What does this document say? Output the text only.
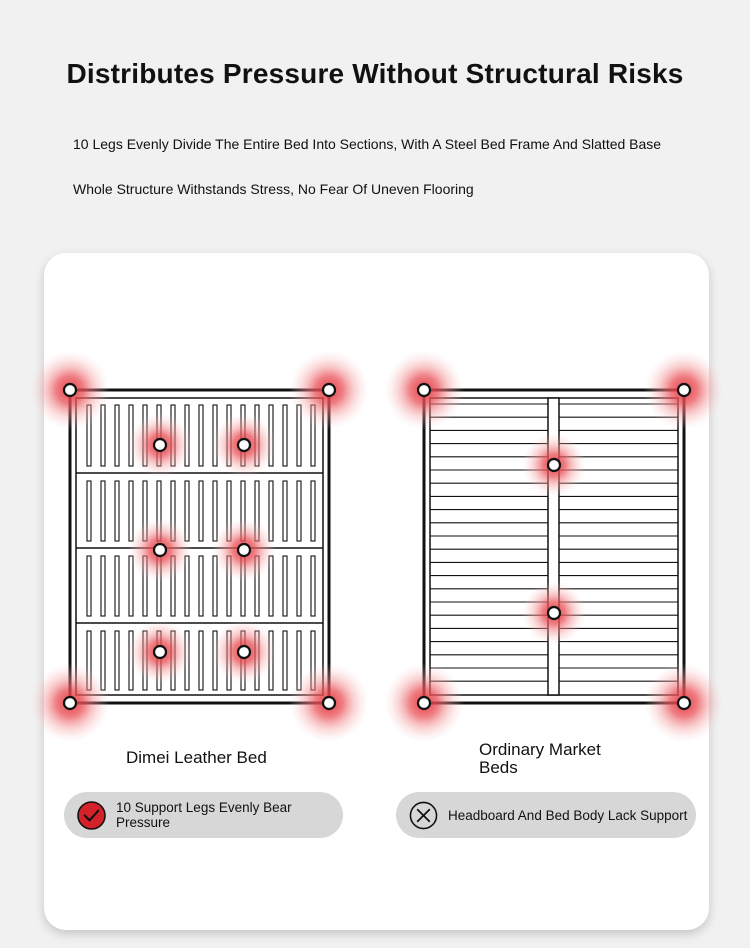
Distributes Pressure Without Structural Risks
10 Legs Evenly Divide The Entire Bed Into Sections, With A Steel Bed Frame And Slatted Base
Whole Structure Withstands Stress, No Fear Of Uneven Flooring
Dimei Leather Bed	Ordinary Market Beds
10 Support Legs Evenly Bear Pressure	Headboard And Bed Body Lack Support
